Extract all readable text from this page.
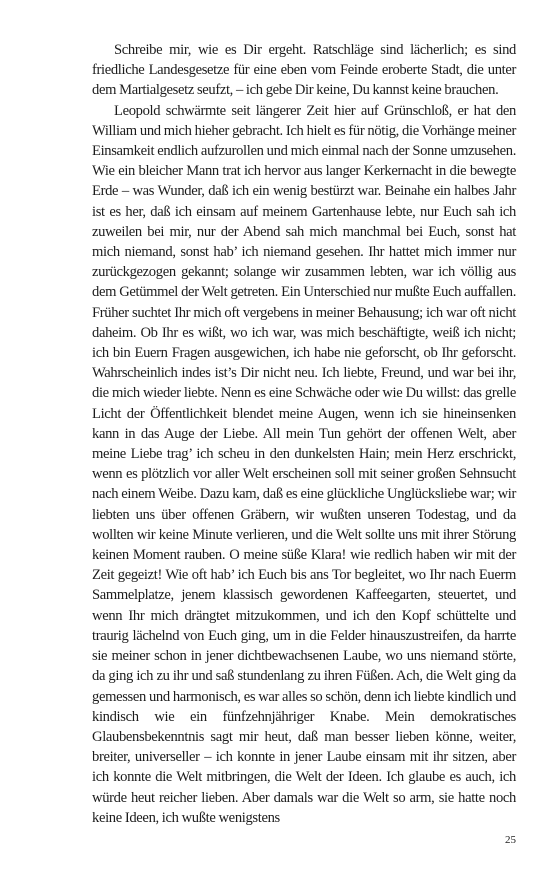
Schreibe mir, wie es Dir ergeht. Ratschläge sind lächerlich; es sind friedliche Landesgesetze für eine eben vom Feinde eroberte Stadt, die unter dem Martialgesetz seufzt, – ich gebe Dir keine, Du kannst keine brauchen.

Leopold schwärmte seit längerer Zeit hier auf Grünschloß, er hat den William und mich hieher gebracht. Ich hielt es für nötig, die Vorhänge meiner Einsamkeit endlich aufzurollen und mich einmal nach der Sonne umzusehen. Wie ein bleicher Mann trat ich hervor aus langer Kerkernacht in die bewegte Erde – was Wunder, daß ich ein wenig bestürzt war. Beinahe ein halbes Jahr ist es her, daß ich einsam auf meinem Gartenhause lebte, nur Euch sah ich zuweilen bei mir, nur der Abend sah mich manchmal bei Euch, sonst hat mich niemand, sonst hab’ ich niemand gesehen. Ihr hattet mich immer nur zurückgezogen gekannt; solange wir zusammen lebten, war ich völlig aus dem Getümmel der Welt getreten. Ein Unterschied nur mußte Euch auffallen. Früher suchtet Ihr mich oft vergebens in meiner Behausung; ich war oft nicht daheim. Ob Ihr es wißt, wo ich war, was mich beschäftigte, weiß ich nicht; ich bin Euern Fragen ausgewichen, ich habe nie geforscht, ob Ihr geforscht. Wahrscheinlich indes ist’s Dir nicht neu. Ich liebte, Freund, und war bei ihr, die mich wieder liebte. Nenn es eine Schwäche oder wie Du willst: das grelle Licht der Öffentlichkeit blendet meine Augen, wenn ich sie hineinsenken kann in das Auge der Liebe. All mein Tun gehört der offenen Welt, aber meine Liebe trag’ ich scheu in den dunkelsten Hain; mein Herz erschrickt, wenn es plötzlich vor aller Welt erscheinen soll mit seiner großen Sehnsucht nach einem Weibe. Dazu kam, daß es eine glückliche Unglücksliebe war; wir liebten uns über offenen Gräbern, wir wußten unseren Todestag, und da wollten wir keine Minute verlieren, und die Welt sollte uns mit ihrer Störung keinen Moment rauben. O meine süße Klara! wie redlich haben wir mit der Zeit gegeizt! Wie oft hab’ ich Euch bis ans Tor begleitet, wo Ihr nach Euerm Sammelplatze, jenem klassisch gewordenen Kaffeegarten, steuertet, und wenn Ihr mich drängtet mitzukommen, und ich den Kopf schüttelte und traurig lächelnd von Euch ging, um in die Felder hinauszustreifen, da harrte sie meiner schon in jener dichtbewachsenen Laube, wo uns niemand störte, da ging ich zu ihr und saß stundenlang zu ihren Füßen. Ach, die Welt ging da gemessen und harmonisch, es war alles so schön, denn ich liebte kindlich und kindisch wie ein fünfzehnjähriger Knabe. Mein demokratisches Glaubensbekenntnis sagt mir heut, daß man besser lieben könne, weiter, breiter, universeller – ich konnte in jener Laube einsam mit ihr sitzen, aber ich konnte die Welt mitbringen, die Welt der Ideen. Ich glaube es auch, ich würde heut reicher lieben. Aber damals war die Welt so arm, sie hatte noch keine Ideen, ich wußte wenigstens

25
